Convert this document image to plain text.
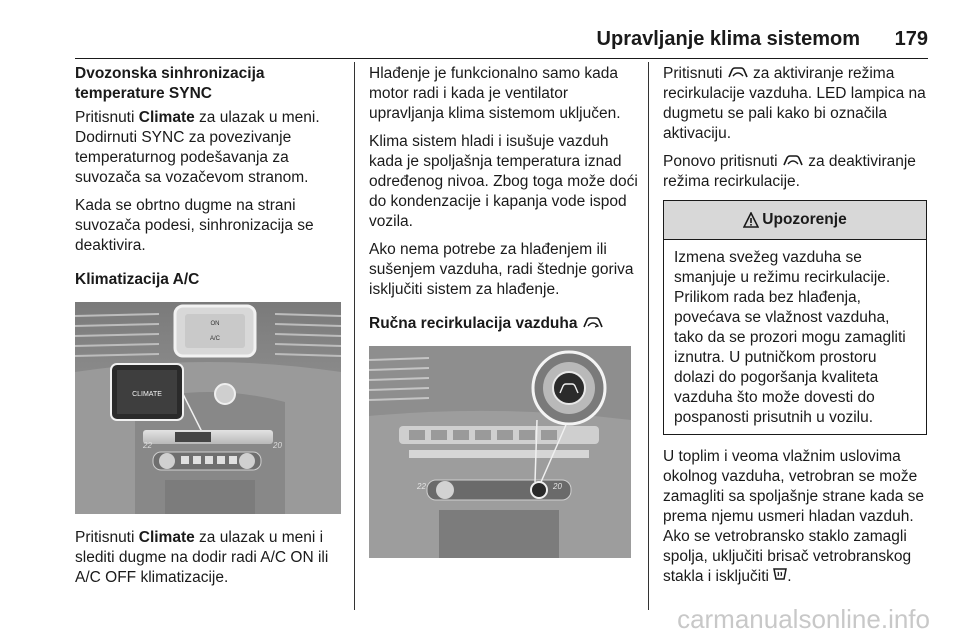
Upravljanje klima sistemom	179
Dvozonska sinhronizacija temperature SYNC

Pritisnuti Climate za ulazak u meni. Dodirnuti SYNC za povezivanje temperaturnog podešavanja za suvozača sa vozačevom stranom.

Kada se obrtno dugme na strani suvozača podesi, sinhronizacija se deaktivira.

Klimatizacija A/C
ON
A/C
CLIMATE
22	20

Pritisnuti Climate za ulazak u meni i slediti dugme na dodir radi A/C ON ili A/C OFF klimatizacije.

Hlađenje je funkcionalno samo kada motor radi i kada je ventilator upravljanja klima sistemom uključen.

Klima sistem hladi i isušuje vazduh kada je spoljašnja temperatura iznad određenog nivoa. Zbog toga može doći do kondenzacije i kapanja vode ispod vozila.

Ako nema potrebe za hlađenjem ili sušenjem vazduha, radi štednje goriva isključiti sistem za hlađenje.

Ručna recirkulacija vazduha
22	20

Pritisnuti  za aktiviranje režima recirkulacije vazduha. LED lampica na dugmetu se pali kako bi označila aktivaciju.

Ponovo pritisnuti  za deaktiviranje režima recirkulacije.

Upozorenje

Izmena svežeg vazduha se smanjuje u režimu recirkulacije. Prilikom rada bez hlađenja, povećava se vlažnost vazduha, tako da se prozori mogu zamagliti iznutra. U putničkom prostoru dolazi do pogoršanja kvaliteta vazduha što može dovesti do pospanosti prisutnih u vozilu.

U toplim i veoma vlažnim uslovima okolnog vazduha, vetrobran se može zamagliti sa spoljašnje strane kada se prema njemu usmeri hladan vazduh. Ako se vetrobransko staklo zamagli spolja, uključiti brisač vetrobranskog stakla i isključiti .

carmanualsonline.info
